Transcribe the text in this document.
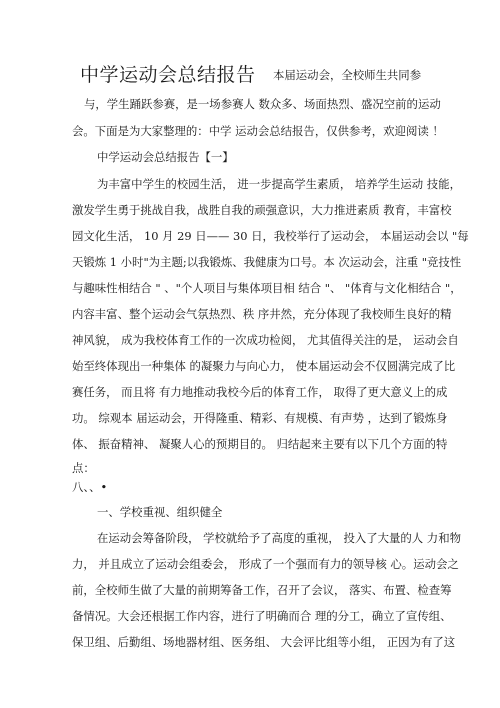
中学运动会总结报告 本届运动会，全校师生共同参

与，学生踊跃参赛，是一场参赛人 数众多、场面热烈、盛况空前的运动

会。下面是为大家整理的：中学 运动会总结报告，仅供参考，欢迎阅读 ！

中学运动会总结报告【一】

为丰富中学生的校园生活， 进一步提高学生素质， 培养学生运动 技能，

激发学生勇于挑战自我，战胜自我的顽强意识，大力推进素质 教育，丰富校

园文化生活， 10 月 29 日—— 30 日，我校举行了运动会， 本届运动会以 "每

天锻炼 1 小时"为主题;以我锻炼、我健康为口号。本 次运动会，注重 "竞技性

与趣味性相结合 " 、"个人项目与集体项目相 结合 "、 "体育与文化相结合 "，

内容丰富、整个运动会气氛热烈、秩 序井然，充分体现了我校师生良好的精

神风貌， 成为我校体育工作的一次成功检阅， 尤其值得关注的是， 运动会自

始至终体现出一种集体 的凝聚力与向心力， 使本届运动会不仅圆满完成了比

赛任务， 而且将 有力地推动我校今后的体育工作， 取得了更大意义上的成

功。 综观本 届运动会，开得隆重、精彩、有规模、有声势 ，达到了锻炼身

体、 振奋精神、 凝聚人心的预期目的。 归结起来主要有以下几个方面的特

点：

八、、•

一、学校重视、组织健全

在运动会筹备阶段， 学校就给予了高度的重视， 投入了大量的人 力和物

力， 并且成立了运动会组委会， 形成了一个强而有力的领导核 心。运动会之

前，全校师生做了大量的前期筹备工作，召开了会议， 落实、布置、检查筹

备情况。大会还根据工作内容，进行了明确而合 理的分工，确立了宣传组、

保卫组、后勤组、场地器材组、医务组、 大会评比组等小组， 正因为有了这
